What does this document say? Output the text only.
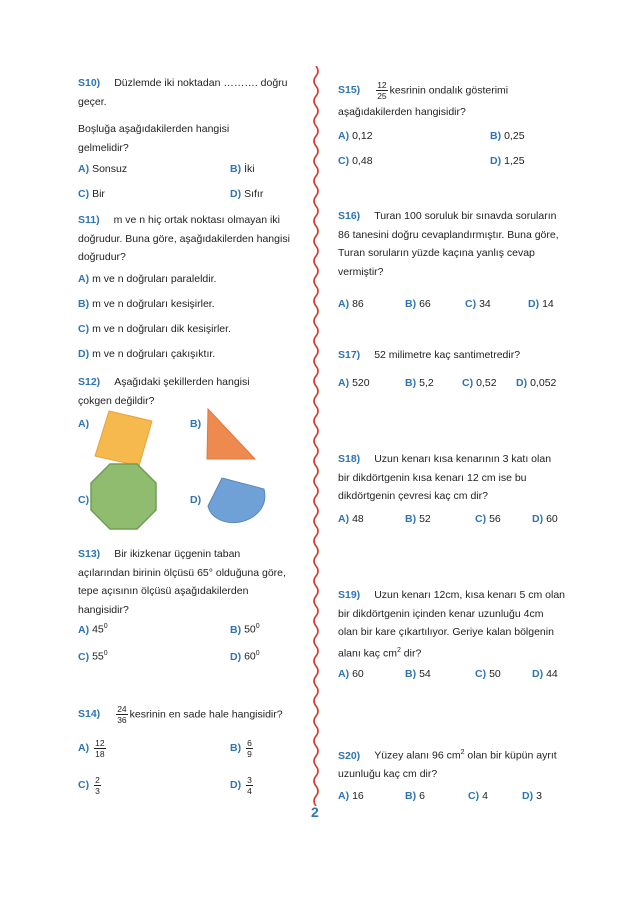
S10) Düzlemde iki noktadan ………. doğru geçer.
Boşluğa aşağıdakilerden hangisi gelmelidir?
A) Sonsuz	B) İki
C) Bir	D) Sıfır
S11) m ve n hiç ortak noktası olmayan iki doğrudur. Buna göre, aşağıdakilerden hangisi doğrudur?
A) m ve n doğruları paraleldir.
B) m ve n doğruları kesişirler.
C) m ve n doğruları dik kesişirler.
D) m ve n doğruları çakışıktır.
S12) Aşağıdaki şekillerden hangisi çokgen değildir?
A)	B)
C)	D)
S13) Bir ikizkenar üçgenin taban açılarından birinin ölçüsü 65° olduğuna göre, tepe açısının ölçüsü aşağıdakilerden hangisidir?
A) $45^0$	B) $50^0$
C) $55^0$	D) $60^0$
$S14) \frac{24}{36}$ kesrinin en sade hale hangisidir?
$A) \frac{12}{18}$	$B) \frac{6}{9}$
$C) \frac{2}{3}$	$D) \frac{3}{4}$
$S15) \frac{12}{25}$ kesrinin ondalık gösterimi
aşağıdakilerden hangisidir?
A) 0,12	B) 0,25
C) 0,48	D) 1,25
S16) Turan 100 soruluk bir sınavda soruların 86 tanesini doğru cevaplandırmıştır. Buna göre, Turan soruların yüzde kaçına yanlış cevap vermiştir?
A) 86	B) 66	C) 34	D) 14
S17) 52 milimetre kaç santimetredir?
A) 520	B) 5,2	C) 0,52 D) 0,052
S18) Uzun kenarı kısa kenarının 3 katı olan bir dikdörtgenin kısa kenarı 12 cm ise bu dikdörtgenin çevresi kaç cm dir?
A) 48	B) 52	C) 56	D) 60
S19) Uzun kenarı 12cm, kısa kenarı 5 cm olan bir dikdörtgenin içinden kenar uzunluğu 4cm olan bir kare çıkartılıyor. Geriye kalan bölgenin alanı kaç $cm^2$ dir?
A) 60	B) 54	C) 50	D) 44
S20) Yüzey alanı 96 $cm^2$ olan bir küpün ayrıt uzunluğu kaç cm dir?
A) 16	B) 6	C) 4	D) 3
2
